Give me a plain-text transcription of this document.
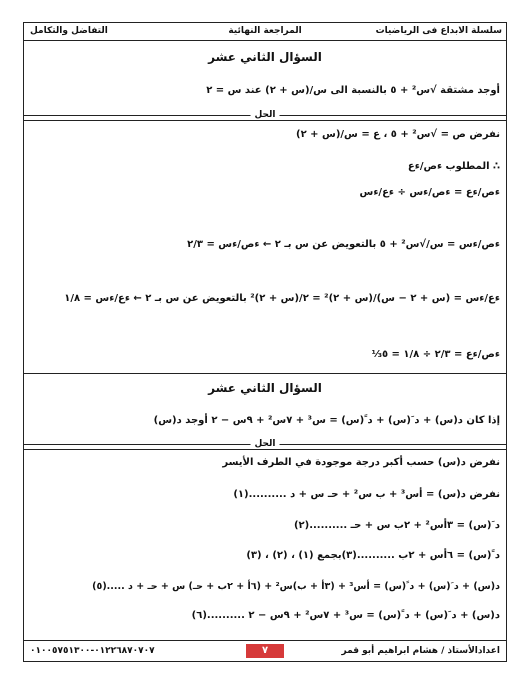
سلسلة الابداع فى الرياضيات
المراجعة النهائية
التفاضل والتكامل
السؤال الثاني عشر
أوجد مشتقة √س² + ٥ بالنسبة الى س/(س + ٢) عند س = ٢
الحل
نفرض ص = √س² + ٥ ، ع = س/(س + ٢)
∴ المطلوب ءص/ءع
ءص/ءع = ءص/ءس ÷ ءع/ءس
ءص/ءس = س/√س² + ٥ بالتعويض عن س بـ ٢ ← ءص/ءس = ٢/٣
ءع/ءس = (س + ٢ − س)/(س + ٢)² = ٢/(س + ٢)² بالتعويض عن س بـ ٢ ← ءع/ءس = ١/٨
ءص/ءع = ٢/٣ ÷ ١/٨ = ٥⅓
السؤال الثاني عشر
إذا كان د(س) + د َ(س) + د ََ(س) = س³ + ٧س² + ٩س − ٢ أوجد د(س)
الحل
نفرض د(س) حسب أكبر درجة موجودة في الطرف الأيسر
نفرض د(س) = أس³ + ب س² + حـ س + د ..........(١)
د َ(س) = ٣أس² + ٢ب س + حـ ..........(٢)
د ََ(س) = ٦أس + ٢ب ..........(٣)بجمع (١) ، (٢) ، (٣)
د(س) + د َ(س) + د ََ(س) = أس³ + (٣أ + ب)س² + (٦أ + ٢ب + حـ) س + حـ + د .....(٥)
د(س) + د َ(س) + د ََ(س) = س³ + ٧س² + ٩س − ٢ ..........(٦)
اعدادالأستاذ / هشام ابراهيم أبو قمر
٧
٠١٢٢٦٨٧٠٧٠٧-٠١٠٠٥٧٥١٣٠٠
